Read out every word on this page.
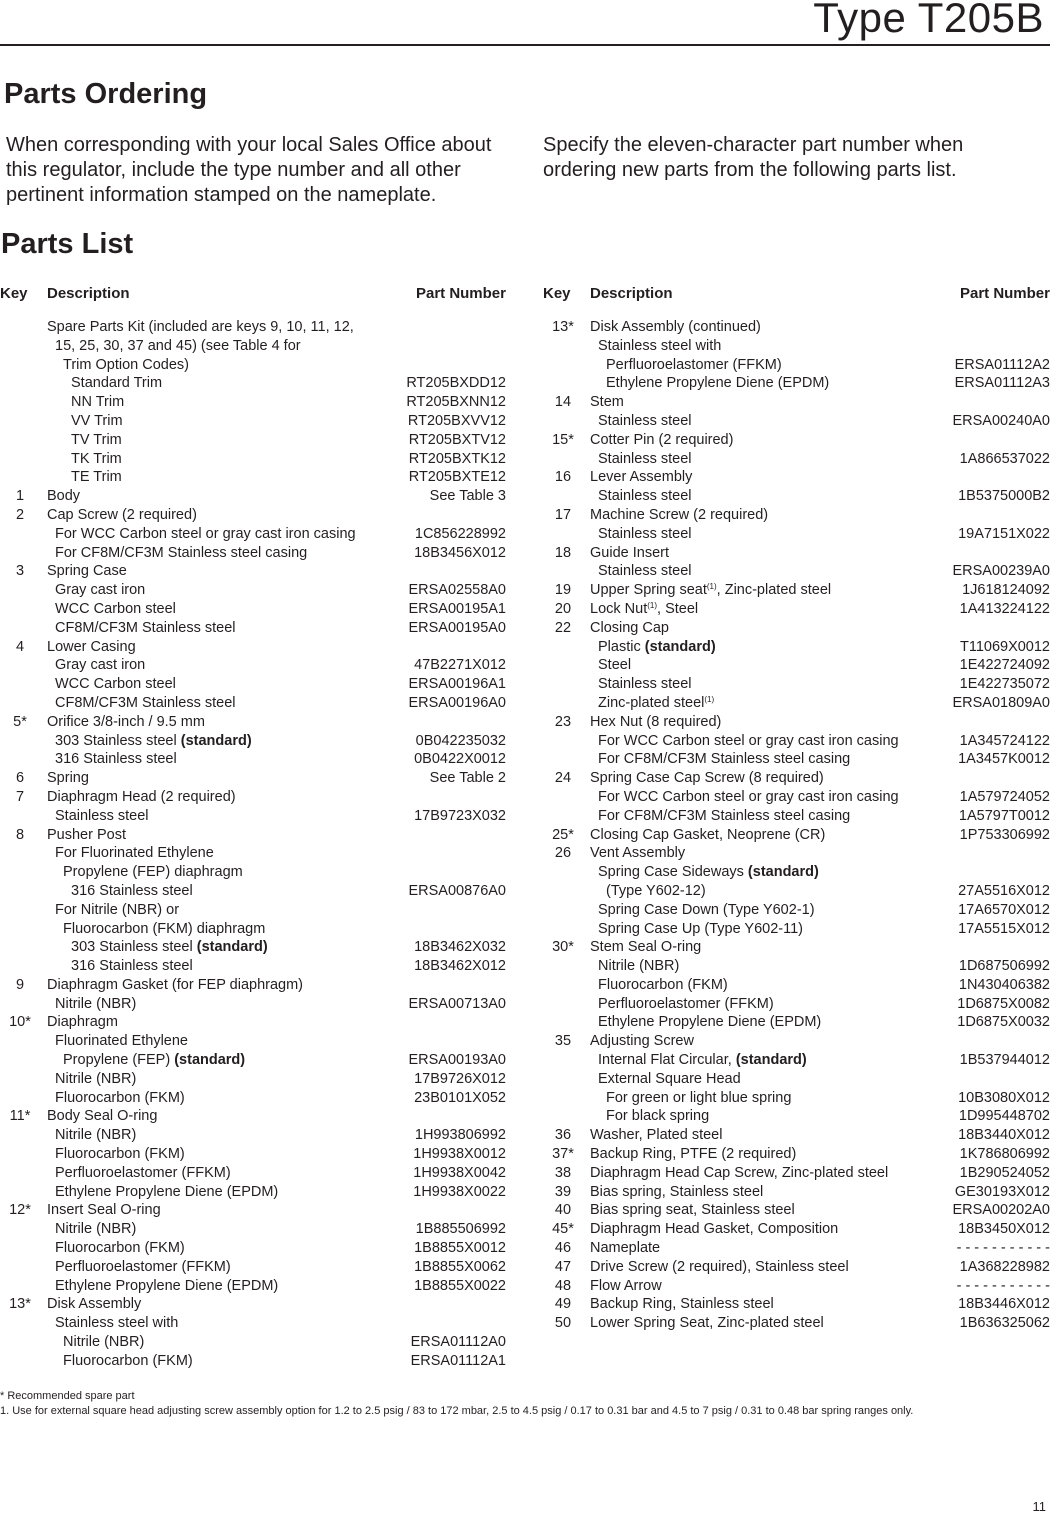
Type T205B
Parts Ordering

When corresponding with your local Sales Office about this regulator, include the type number and all other pertinent information stamped on the nameplate.

Specify the eleven-character part number when ordering new parts from the following parts list.

Parts List
Key Description	Part Number
Spare Parts Kit (included are keys 9, 10, 11, 12,
15, 25, 30, 37 and 45) (see Table 4 for
Trim Option Codes)
Standard Trim	RT205BXDD12
NN Trim	RT205BXNN12
VV Trim	RT205BXVV12
TV Trim	RT205BXTV12
TK Trim	RT205BXTK12
TE Trim	RT205BXTE12
1	Body	See Table 3
2	Cap Screw (2 required)
For WCC Carbon steel or gray cast iron casing	1C856228992
For CF8M/CF3M Stainless steel casing	18B3456X012
3	Spring Case
Gray cast iron	ERSA02558A0
WCC Carbon steel	ERSA00195A1
CF8M/CF3M Stainless steel	ERSA00195A0
4	Lower Casing
Gray cast iron	47B2271X012
WCC Carbon steel	ERSA00196A1
CF8M/CF3M Stainless steel	ERSA00196A0
5*	Orifice 3/8-inch / 9.5 mm
303 Stainless steel (standard)	0B042235032
316 Stainless steel	0B0422X0012
6	Spring	See Table 2
7	Diaphragm Head (2 required)
Stainless steel	17B9723X032
8	Pusher Post
For Fluorinated Ethylene
Propylene (FEP) diaphragm
316 Stainless steel	ERSA00876A0
For Nitrile (NBR) or
Fluorocarbon (FKM) diaphragm
303 Stainless steel (standard)	18B3462X032
316 Stainless steel	18B3462X012
9	Diaphragm Gasket (for FEP diaphragm)
Nitrile (NBR)	ERSA00713A0
10*	Diaphragm
Fluorinated Ethylene
Propylene (FEP) (standard)	ERSA00193A0
Nitrile (NBR)	17B9726X012
Fluorocarbon (FKM)	23B0101X052
11*	Body Seal O-ring
Nitrile (NBR)	1H993806992
Fluorocarbon (FKM)	1H9938X0012
Perfluoroelastomer (FFKM)	1H9938X0042
Ethylene Propylene Diene (EPDM)	1H9938X0022
12*	Insert Seal O-ring
Nitrile (NBR)	1B885506992
Fluorocarbon (FKM)	1B8855X0012
Perfluoroelastomer (FFKM)	1B8855X0062
Ethylene Propylene Diene (EPDM)	1B8855X0022
13*	Disk Assembly
Stainless steel with
Nitrile (NBR)	ERSA01112A0
Fluorocarbon (FKM)	ERSA01112A1
Key Description	Part Number
13*	Disk Assembly (continued)
Stainless steel with
Perfluoroelastomer (FFKM)	ERSA01112A2
Ethylene Propylene Diene (EPDM)	ERSA01112A3
14	Stem
Stainless steel	ERSA00240A0
15*	Cotter Pin (2 required)
Stainless steel	1A866537022
16	Lever Assembly
Stainless steel	1B5375000B2
17	Machine Screw (2 required)
Stainless steel	19A7151X022
18	Guide Insert
Stainless steel	ERSA00239A0
19	Upper Spring seat$^{(1)}$, Zinc-plated steel	1J618124092
20	Lock Nut$^{(1)}$, Steel	1A413224122
22	Closing Cap
Plastic (standard)	T11069X0012
Steel	1E422724092
Stainless steel	1E422735072
Zinc-plated steel$^{(1)}$	ERSA01809A0
23	Hex Nut (8 required)
For WCC Carbon steel or gray cast iron casing	1A345724122
For CF8M/CF3M Stainless steel casing	1A3457K0012
24	Spring Case Cap Screw (8 required)
For WCC Carbon steel or gray cast iron casing	1A579724052
For CF8M/CF3M Stainless steel casing	1A5797T0012
25*	Closing Cap Gasket, Neoprene (CR)	1P753306992
26	Vent Assembly
Spring Case Sideways (standard)
(Type Y602-12)	27A5516X012
Spring Case Down (Type Y602-1)	17A6570X012
Spring Case Up (Type Y602-11)	17A5515X012
30*	Stem Seal O-ring
Nitrile (NBR)	1D687506992
Fluorocarbon (FKM)	1N430406382
Perfluoroelastomer (FFKM)	1D6875X0082
Ethylene Propylene Diene (EPDM)	1D6875X0032
35	Adjusting Screw
Internal Flat Circular, (standard)	1B537944012
External Square Head
For green or light blue spring	10B3080X012
For black spring	1D995448702
36	Washer, Plated steel	18B3440X012
37*	Backup Ring, PTFE (2 required)	1K786806992
38	Diaphragm Head Cap Screw, Zinc-plated steel	1B290524052
39	Bias spring, Stainless steel	GE30193X012
40	Bias spring seat, Stainless steel	ERSA00202A0
45*	Diaphragm Head Gasket, Composition	18B3450X012
46	Nameplate	- - - - - - - - - - -
47	Drive Screw (2 required), Stainless steel	1A368228982
48	Flow Arrow	- - - - - - - - - - -
49	Backup Ring, Stainless steel	18B3446X012
50	Lower Spring Seat, Zinc-plated steel	1B636325062
* Recommended spare part
1. Use for external square head adjusting screw assembly option for 1.2 to 2.5 psig / 83 to 172 mbar, 2.5 to 4.5 psig / 0.17 to 0.31 bar and 4.5 to 7 psig / 0.31 to 0.48 bar spring ranges only.
11
